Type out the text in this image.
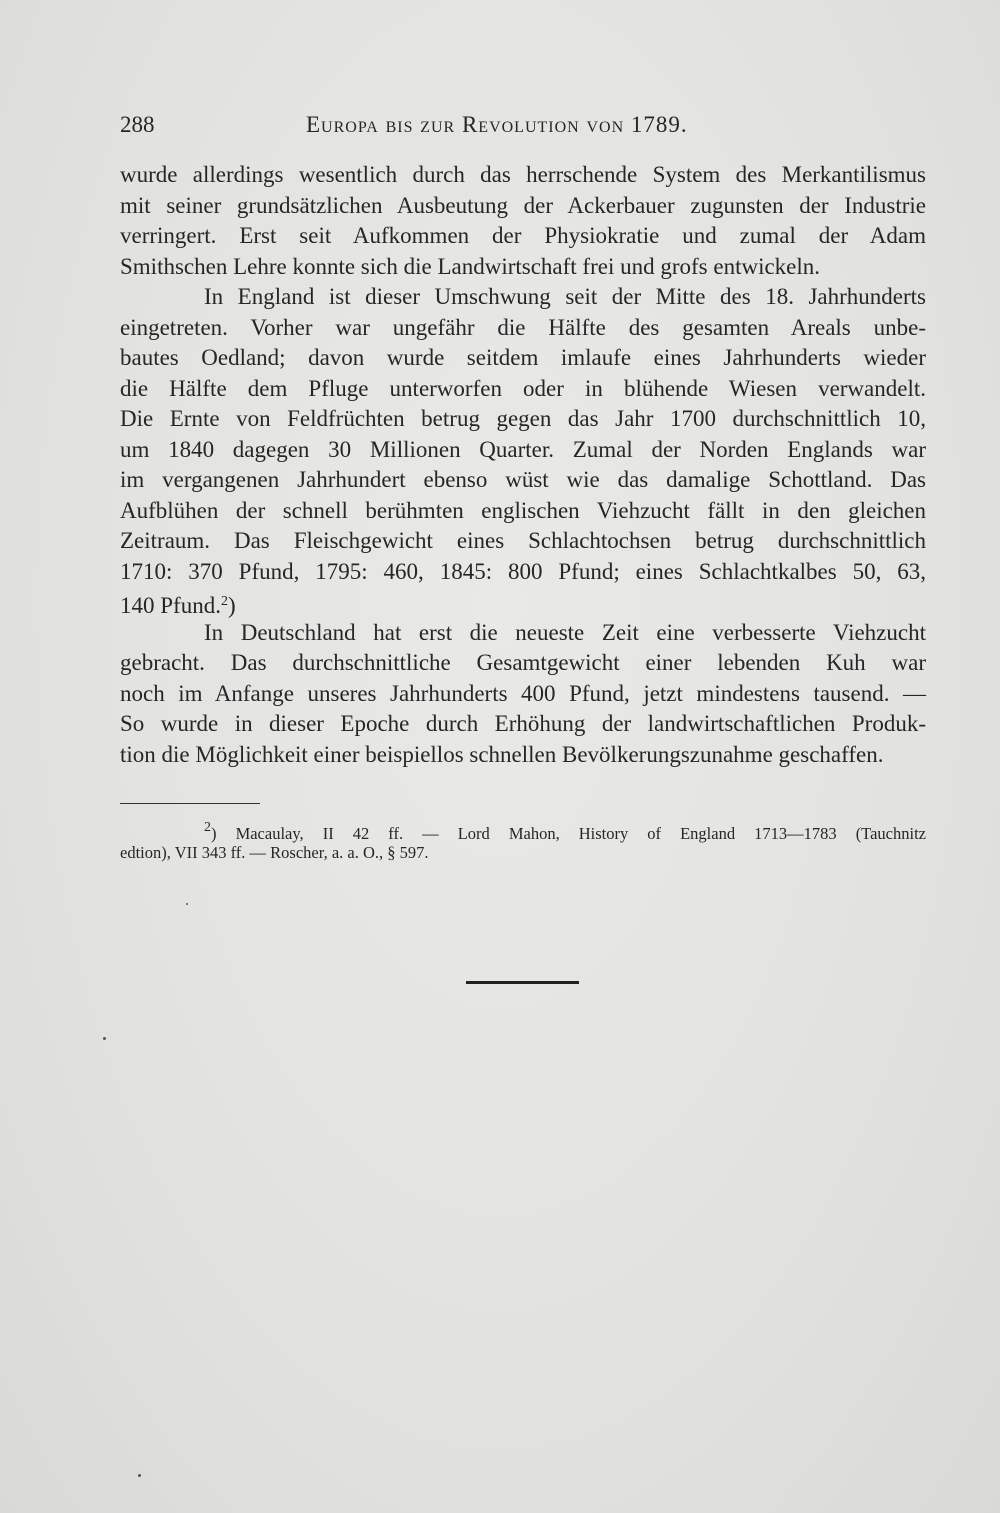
288	Europa bis zur Revolution von 1789.
wurde allerdings wesentlich durch das herrschende System des Merkantilismus
mit seiner grundsätzlichen Ausbeutung der Ackerbauer zugunsten der Industrie
verringert. Erst seit Aufkommen der Physiokratie und zumal der Adam
Smithschen Lehre konnte sich die Landwirtschaft frei und grofs entwickeln.
In England ist dieser Umschwung seit der Mitte des 18. Jahrhunderts
eingetreten. Vorher war ungefähr die Hälfte des gesamten Areals unbe-
bautes Oedland; davon wurde seitdem imlaufe eines Jahrhunderts wieder
die Hälfte dem Pfluge unterworfen oder in blühende Wiesen verwandelt.
Die Ernte von Feldfrüchten betrug gegen das Jahr 1700 durchschnittlich 10,
um 1840 dagegen 30 Millionen Quarter. Zumal der Norden Englands war
im vergangenen Jahrhundert ebenso wüst wie das damalige Schottland. Das
Aufblühen der schnell berühmten englischen Viehzucht fällt in den gleichen
Zeitraum. Das Fleischgewicht eines Schlachtochsen betrug durchschnittlich
1710: 370 Pfund, 1795: 460, 1845: 800 Pfund; eines Schlachtkalbes 50, 63,
140 Pfund.$^2$)
In Deutschland hat erst die neueste Zeit eine verbesserte Viehzucht
gebracht. Das durchschnittliche Gesamtgewicht einer lebenden Kuh war
noch im Anfange unseres Jahrhunderts 400 Pfund, jetzt mindestens tausend. —
So wurde in dieser Epoche durch Erhöhung der landwirtschaftlichen Produk-
tion die Möglichkeit einer beispiellos schnellen Bevölkerungszunahme geschaffen.
$^2$) Macaulay, II 42 ff. — Lord Mahon, History of England 1713—1783 (Tauchnitz
edtion), VII 343 ff. — Roscher, a. a. O., § 597.
